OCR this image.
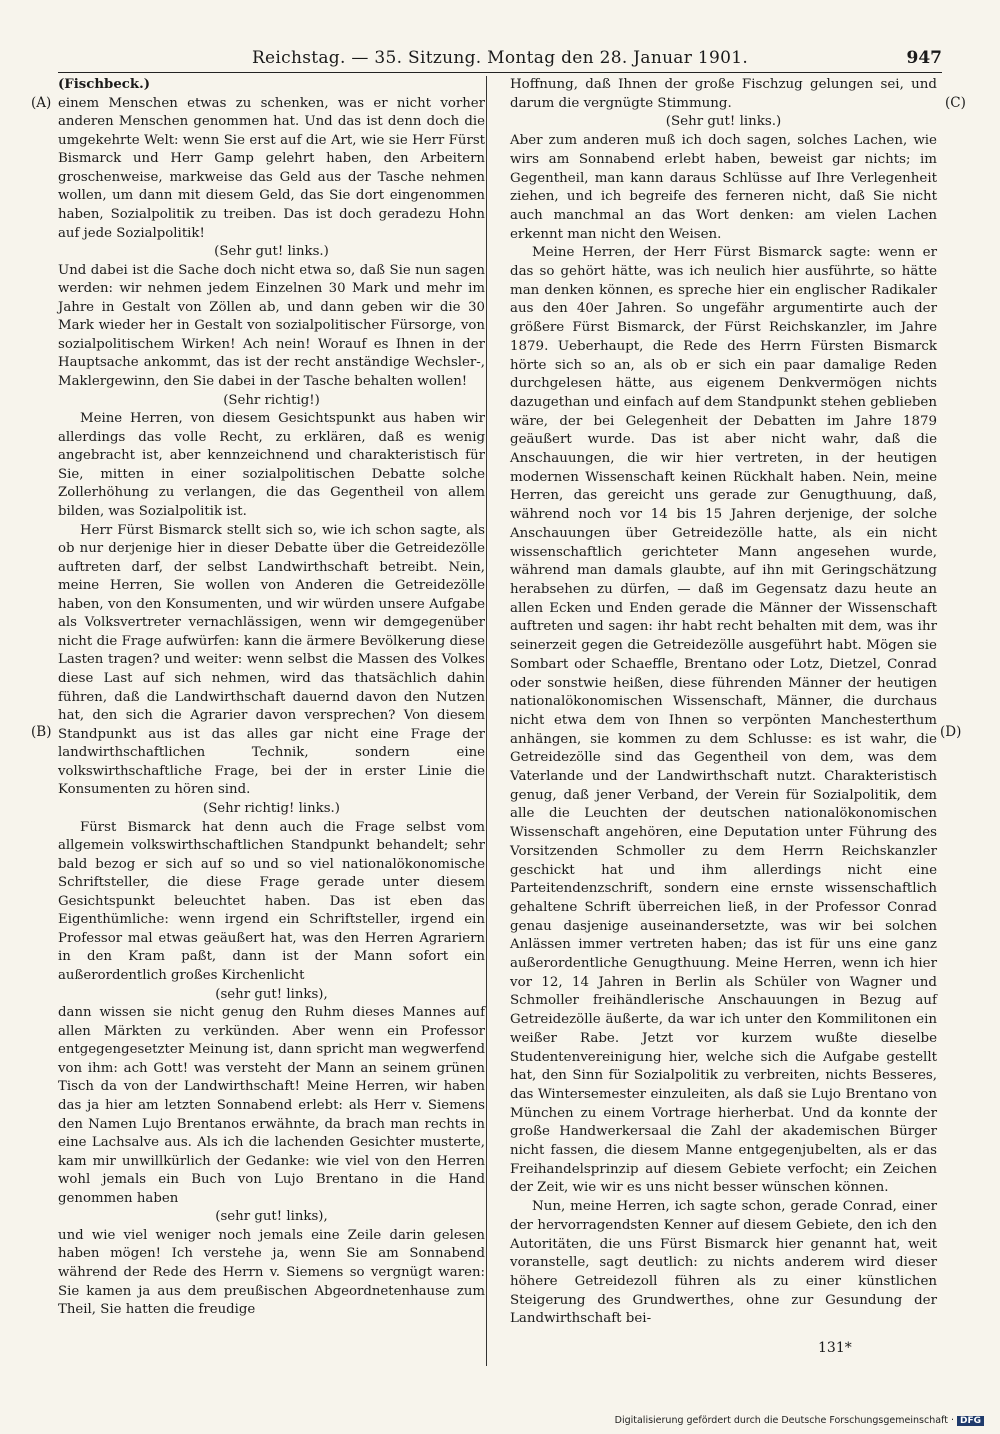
Reichstag. — 35. Sitzung. Montag den 28. Januar 1901.	947
(A)
(B)
(C)
(D)

(Fischbeck.)

einem Menschen etwas zu schenken, was er nicht vorher anderen Menschen genommen hat. Und das ist denn doch die umgekehrte Welt: wenn Sie erst auf die Art, wie sie Herr Fürst Bismarck und Herr Gamp gelehrt haben, den Arbeitern groschenweise, markweise das Geld aus der Tasche nehmen wollen, um dann mit diesem Geld, das Sie dort eingenommen haben, Sozialpolitik zu treiben. Das ist doch geradezu Hohn auf jede Sozialpolitik!

(Sehr gut! links.)

Und dabei ist die Sache doch nicht etwa so, daß Sie nun sagen werden: wir nehmen jedem Einzelnen 30 Mark und mehr im Jahre in Gestalt von Zöllen ab, und dann geben wir die 30 Mark wieder her in Gestalt von sozialpolitischer Fürsorge, von sozialpolitischem Wirken! Ach nein! Worauf es Ihnen in der Hauptsache ankommt, das ist der recht anständige Wechsler-, Maklergewinn, den Sie dabei in der Tasche behalten wollen!

(Sehr richtig!)

Meine Herren, von diesem Gesichtspunkt aus haben wir allerdings das volle Recht, zu erklären, daß es wenig angebracht ist, aber kennzeichnend und charakteristisch für Sie, mitten in einer sozialpolitischen Debatte solche Zollerhöhung zu verlangen, die das Gegentheil von allem bilden, was Sozialpolitik ist.

Herr Fürst Bismarck stellt sich so, wie ich schon sagte, als ob nur derjenige hier in dieser Debatte über die Getreidezölle auftreten darf, der selbst Landwirthschaft betreibt. Nein, meine Herren, Sie wollen von Anderen die Getreidezölle haben, von den Konsumenten, und wir würden unsere Aufgabe als Volksvertreter vernachlässigen, wenn wir demgegenüber nicht die Frage aufwürfen: kann die ärmere Bevölkerung diese Lasten tragen? und weiter: wenn selbst die Massen des Volkes diese Last auf sich nehmen, wird das thatsächlich dahin führen, daß die Landwirthschaft dauernd davon den Nutzen hat, den sich die Agrarier davon versprechen? Von diesem Standpunkt aus ist das alles gar nicht eine Frage der landwirthschaftlichen Technik, sondern eine volkswirthschaftliche Frage, bei der in erster Linie die Konsumenten zu hören sind.

(Sehr richtig! links.)

Fürst Bismarck hat denn auch die Frage selbst vom allgemein volkswirthschaftlichen Standpunkt behandelt; sehr bald bezog er sich auf so und so viel nationalökonomische Schriftsteller, die diese Frage gerade unter diesem Gesichtspunkt beleuchtet haben. Das ist eben das Eigenthümliche: wenn irgend ein Schriftsteller, irgend ein Professor mal etwas geäußert hat, was den Herren Agrariern in den Kram paßt, dann ist der Mann sofort ein außerordentlich großes Kirchenlicht

(sehr gut! links),

dann wissen sie nicht genug den Ruhm dieses Mannes auf allen Märkten zu verkünden. Aber wenn ein Professor entgegengesetzter Meinung ist, dann spricht man wegwerfend von ihm: ach Gott! was versteht der Mann an seinem grünen Tisch da von der Landwirthschaft! Meine Herren, wir haben das ja hier am letzten Sonnabend erlebt: als Herr v. Siemens den Namen Lujo Brentanos erwähnte, da brach man rechts in eine Lachsalve aus. Als ich die lachenden Gesichter musterte, kam mir unwillkürlich der Gedanke: wie viel von den Herren wohl jemals ein Buch von Lujo Brentano in die Hand genommen haben

(sehr gut! links),

und wie viel weniger noch jemals eine Zeile darin gelesen haben mögen! Ich verstehe ja, wenn Sie am Sonnabend während der Rede des Herrn v. Siemens so vergnügt waren: Sie kamen ja aus dem preußischen Abgeordnetenhause zum Theil, Sie hatten die freudige

Hoffnung, daß Ihnen der große Fischzug gelungen sei, und darum die vergnügte Stimmung.

(Sehr gut! links.)

Aber zum anderen muß ich doch sagen, solches Lachen, wie wirs am Sonnabend erlebt haben, beweist gar nichts; im Gegentheil, man kann daraus Schlüsse auf Ihre Verlegenheit ziehen, und ich begreife des ferneren nicht, daß Sie nicht auch manchmal an das Wort denken: am vielen Lachen erkennt man nicht den Weisen.

Meine Herren, der Herr Fürst Bismarck sagte: wenn er das so gehört hätte, was ich neulich hier ausführte, so hätte man denken können, es spreche hier ein englischer Radikaler aus den 40er Jahren. So ungefähr argumentirte auch der größere Fürst Bismarck, der Fürst Reichskanzler, im Jahre 1879. Ueberhaupt, die Rede des Herrn Fürsten Bismarck hörte sich so an, als ob er sich ein paar damalige Reden durchgelesen hätte, aus eigenem Denkvermögen nichts dazugethan und einfach auf dem Standpunkt stehen geblieben wäre, der bei Gelegenheit der Debatten im Jahre 1879 geäußert wurde. Das ist aber nicht wahr, daß die Anschauungen, die wir hier vertreten, in der heutigen modernen Wissenschaft keinen Rückhalt haben. Nein, meine Herren, das gereicht uns gerade zur Genugthuung, daß, während noch vor 14 bis 15 Jahren derjenige, der solche Anschauungen über Getreidezölle hatte, als ein nicht wissenschaftlich gerichteter Mann angesehen wurde, während man damals glaubte, auf ihn mit Geringschätzung herabsehen zu dürfen, — daß im Gegensatz dazu heute an allen Ecken und Enden gerade die Männer der Wissenschaft auftreten und sagen: ihr habt recht behalten mit dem, was ihr seinerzeit gegen die Getreidezölle ausgeführt habt. Mögen sie Sombart oder Schaeffle, Brentano oder Lotz, Dietzel, Conrad oder sonstwie heißen, diese führenden Männer der heutigen nationalökonomischen Wissenschaft, Männer, die durchaus nicht etwa dem von Ihnen so verpönten Manchesterthum anhängen, sie kommen zu dem Schlusse: es ist wahr, die Getreidezölle sind das Gegentheil von dem, was dem Vaterlande und der Landwirthschaft nutzt. Charakteristisch genug, daß jener Verband, der Verein für Sozialpolitik, dem alle die Leuchten der deutschen nationalökonomischen Wissenschaft angehören, eine Deputation unter Führung des Vorsitzenden Schmoller zu dem Herrn Reichskanzler geschickt hat und ihm allerdings nicht eine Parteitendenzschrift, sondern eine ernste wissenschaftlich gehaltene Schrift überreichen ließ, in der Professor Conrad genau dasjenige auseinandersetzte, was wir bei solchen Anlässen immer vertreten haben; das ist für uns eine ganz außerordentliche Genugthuung. Meine Herren, wenn ich hier vor 12, 14 Jahren in Berlin als Schüler von Wagner und Schmoller freihändlerische Anschauungen in Bezug auf Getreidezölle äußerte, da war ich unter den Kommilitonen ein weißer Rabe. Jetzt vor kurzem wußte dieselbe Studentenvereinigung hier, welche sich die Aufgabe gestellt hat, den Sinn für Sozialpolitik zu verbreiten, nichts Besseres, das Wintersemester einzuleiten, als daß sie Lujo Brentano von München zu einem Vortrage hierherbat. Und da konnte der große Handwerkersaal die Zahl der akademischen Bürger nicht fassen, die diesem Manne entgegenjubelten, als er das Freihandelsprinzip auf diesem Gebiete verfocht; ein Zeichen der Zeit, wie wir es uns nicht besser wünschen können.

Nun, meine Herren, ich sagte schon, gerade Conrad, einer der hervorragendsten Kenner auf diesem Gebiete, den ich den Autoritäten, die uns Fürst Bismarck hier genannt hat, weit voranstelle, sagt deutlich: zu nichts anderem wird dieser höhere Getreidezoll führen als zu einer künstlichen Steigerung des Grundwerthes, ohne zur Gesundung der Landwirthschaft bei-

131*
Digitalisierung gefördert durch die Deutsche Forschungsgemeinschaft · DFG
